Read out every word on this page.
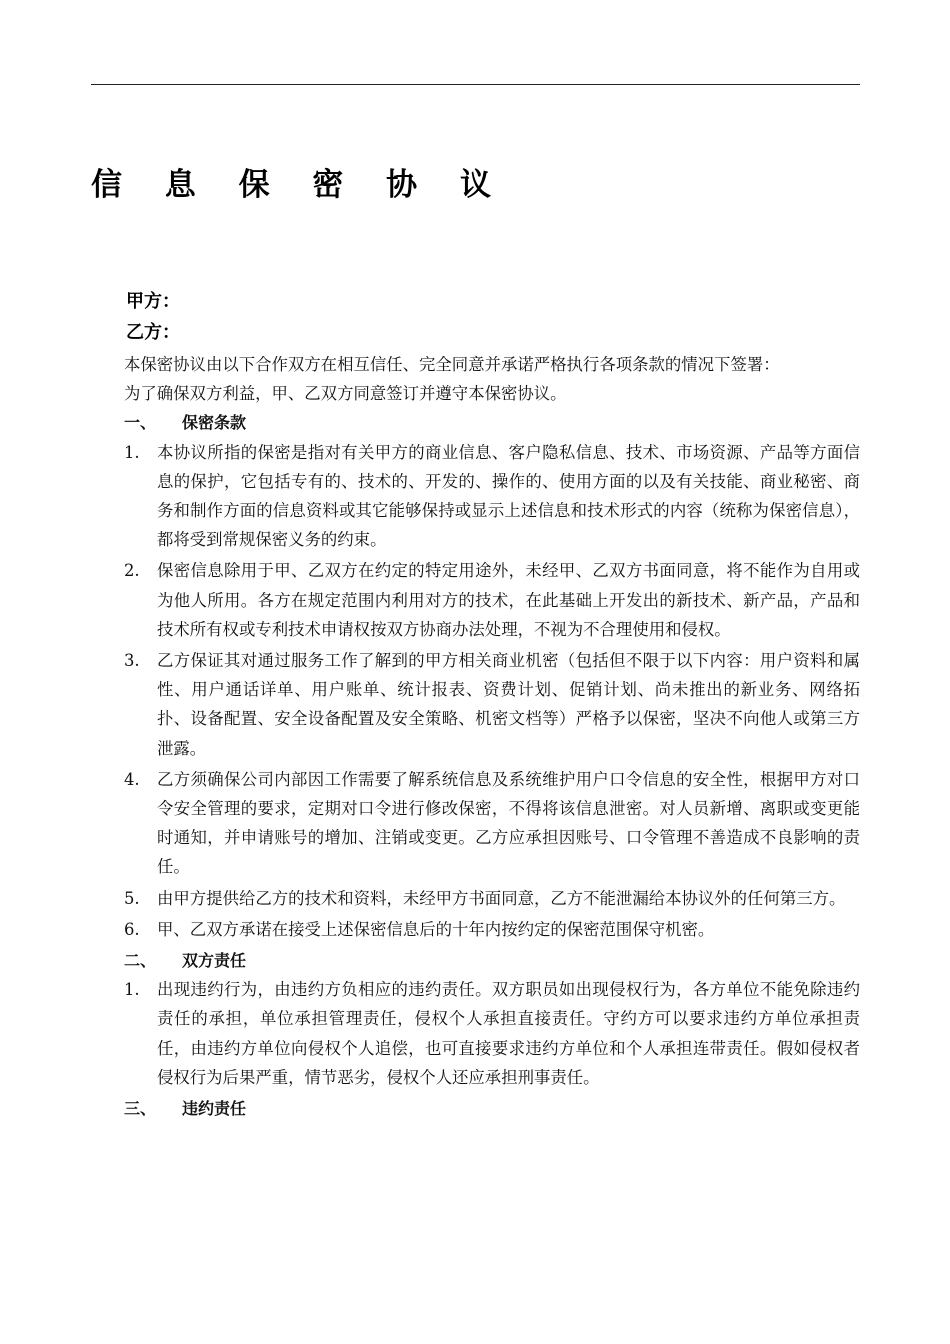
信 息 保 密 协 议
甲方：
乙方：

本保密协议由以下合作双方在相互信任、完全同意并承诺严格执行各项条款的情况下签署：

为了确保双方利益，甲、乙双方同意签订并遵守本保密协议。

一、 保密条款

1. 本协议所指的保密是指对有关甲方的商业信息、客户隐私信息、技术、市场资源、产品等方面信息的保护，它包括专有的、技术的、开发的、操作的、使用方面的以及有关技能、商业秘密、商务和制作方面的信息资料或其它能够保持或显示上述信息和技术形式的内容（统称为保密信息），都将受到常规保密义务的约束。
2. 保密信息除用于甲、乙双方在约定的特定用途外，未经甲、乙双方书面同意，将不能作为自用或为他人所用。各方在规定范围内利用对方的技术，在此基础上开发出的新技术、新产品，产品和技术所有权或专利技术申请权按双方协商办法处理，不视为不合理使用和侵权。
3. 乙方保证其对通过服务工作了解到的甲方相关商业机密（包括但不限于以下内容：用户资料和属性、用户通话详单、用户账单、统计报表、资费计划、促销计划、尚未推出的新业务、网络拓扑、设备配置、安全设备配置及安全策略、机密文档等）严格予以保密，坚决不向他人或第三方泄露。
4. 乙方须确保公司内部因工作需要了解系统信息及系统维护用户口令信息的安全性，根据甲方对口令安全管理的要求，定期对口令进行修改保密，不得将该信息泄密。对人员新增、离职或变更能时通知，并申请账号的增加、注销或变更。乙方应承担因账号、口令管理不善造成不良影响的责任。
5. 由甲方提供给乙方的技术和资料，未经甲方书面同意，乙方不能泄漏给本协议外的任何第三方。
6. 甲、乙双方承诺在接受上述保密信息后的十年内按约定的保密范围保守机密。

二、 双方责任

1. 出现违约行为，由违约方负相应的违约责任。双方职员如出现侵权行为，各方单位不能免除违约责任的承担，单位承担管理责任，侵权个人承担直接责任。守约方可以要求违约方单位承担责任，由违约方单位向侵权个人追偿，也可直接要求违约方单位和个人承担连带责任。假如侵权者侵权行为后果严重，情节恶劣，侵权个人还应承担刑事责任。

三、 违约责任
